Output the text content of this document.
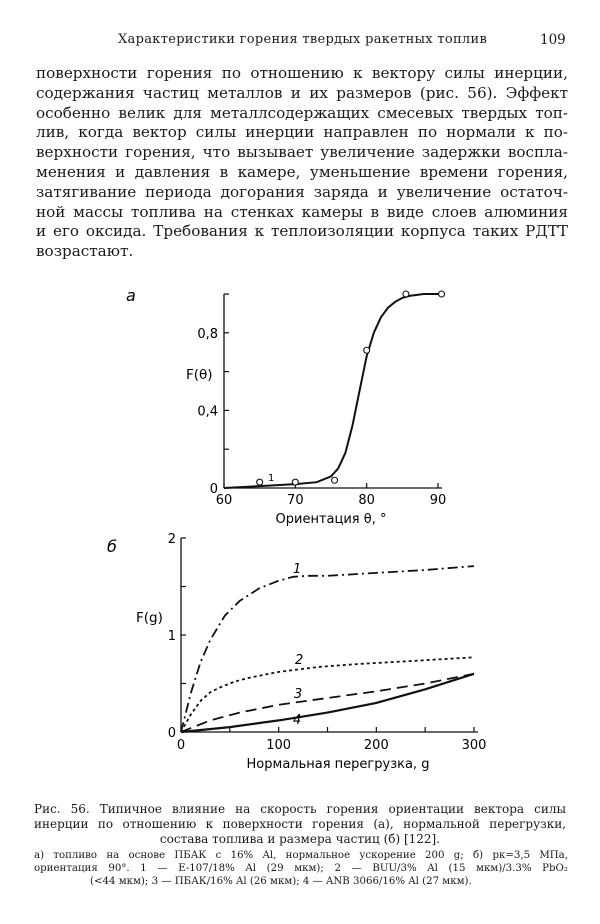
Характеристики горения твердых ракетных топлив	109
поверхности горения по отношению к вектору силы инерции,
содержания частиц металлов и их размеров (рис. 56). Эффект
особенно велик для металлсодержащих смесевых твердых топ-
лив, когда вектор силы инерции направлен по нормали к по-
верхности горения, что вызывает увеличение задержки воспла-
менения и давления в камере, уменьшение времени горения,
затягивание периода догорания заряда и увеличение остаточ-
ной массы топлива на стенках камеры в виде слоев алюминия
и его оксида. Требования к теплоизоляции корпуса таких РДТТ
возрастают.
60	70	80	90
0
0,4
0,8
F(θ)
Ориентация θ, °
а
1
0	100	200	300
0
1
2
F(g)
Нормальная перегрузка, g
б
1
2
3
4
Рис. 56. Типичное влияние на скорость горения ориентации вектора силы
инерции по отношению к поверхности горения (а), нормальной перегрузки,
состава топлива и размера частиц (б) [122].
а) топливо на основе ПБАК с 16% Al, нормальное ускорение 200 g; б) pк=3,5 МПа,
ориентация 90°. 1 — E-107/18% Al (29 мкм); 2 — BUU/3% Al (15 мкм)/3.3% PbO₂
(<44 мкм); 3 — ПБАК/16% Al (26 мкм); 4 — ANB 3066/16% Al (27 мкм).
